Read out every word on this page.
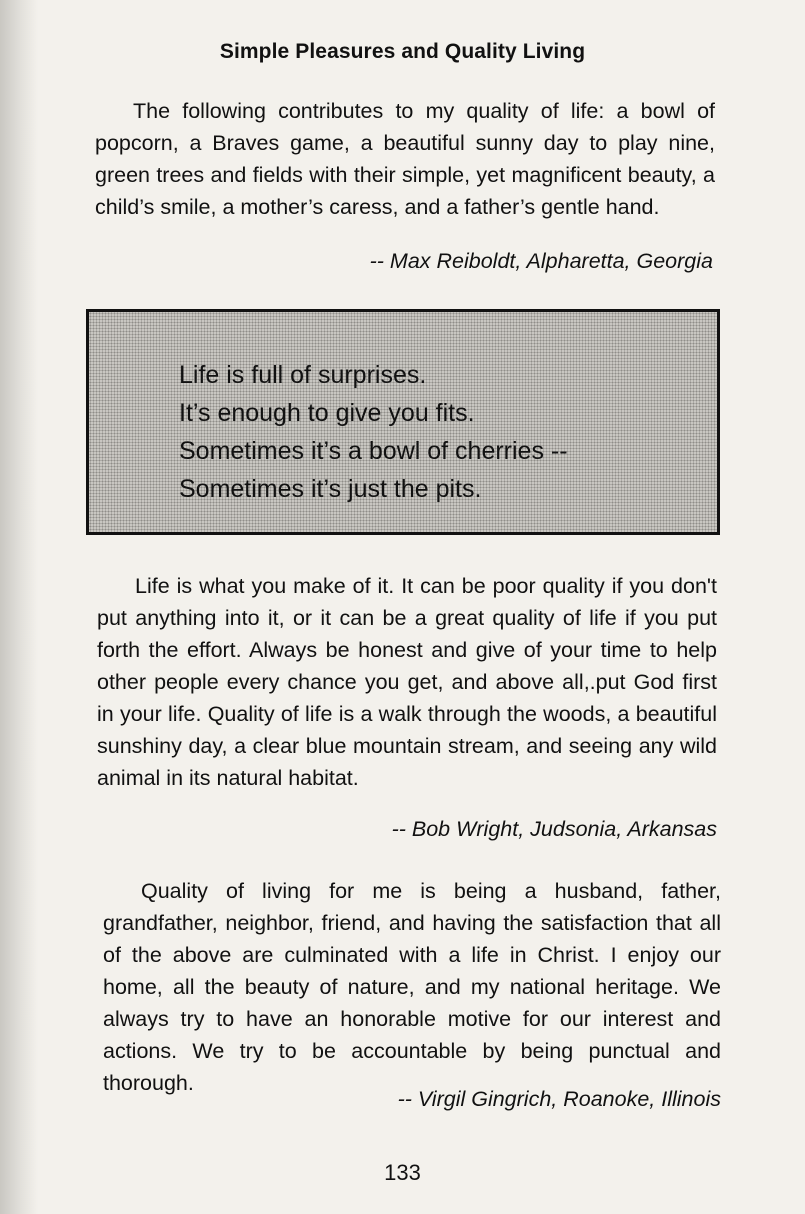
Simple Pleasures and Quality Living

The following contributes to my quality of life: a bowl of popcorn, a Braves game, a beautiful sunny day to play nine, green trees and fields with their simple, yet magnificent beauty, a child’s smile, a mother’s caress, and a father’s gentle hand.

-- Max Reiboldt, Alpharetta, Georgia
Life is full of surprises.
It’s enough to give you fits.
Sometimes it’s a bowl of cherries --
Sometimes it’s just the pits.

Life is what you make of it. It can be poor quality if you don't put anything into it, or it can be a great quality of life if you put forth the effort. Always be honest and give of your time to help other people every chance you get, and above all,.put God first in your life. Quality of life is a walk through the woods, a beautiful sunshiny day, a clear blue mountain stream, and seeing any wild animal in its natural habitat.

-- Bob Wright, Judsonia, Arkansas

Quality of living for me is being a husband, father, grandfather, neighbor, friend, and having the satisfaction that all of the above are culminated with a life in Christ. I enjoy our home, all the beauty of nature, and my national heritage. We always try to have an honorable motive for our interest and actions. We try to be accountable by being punctual and thorough.

-- Virgil Gingrich, Roanoke, Illinois
133
